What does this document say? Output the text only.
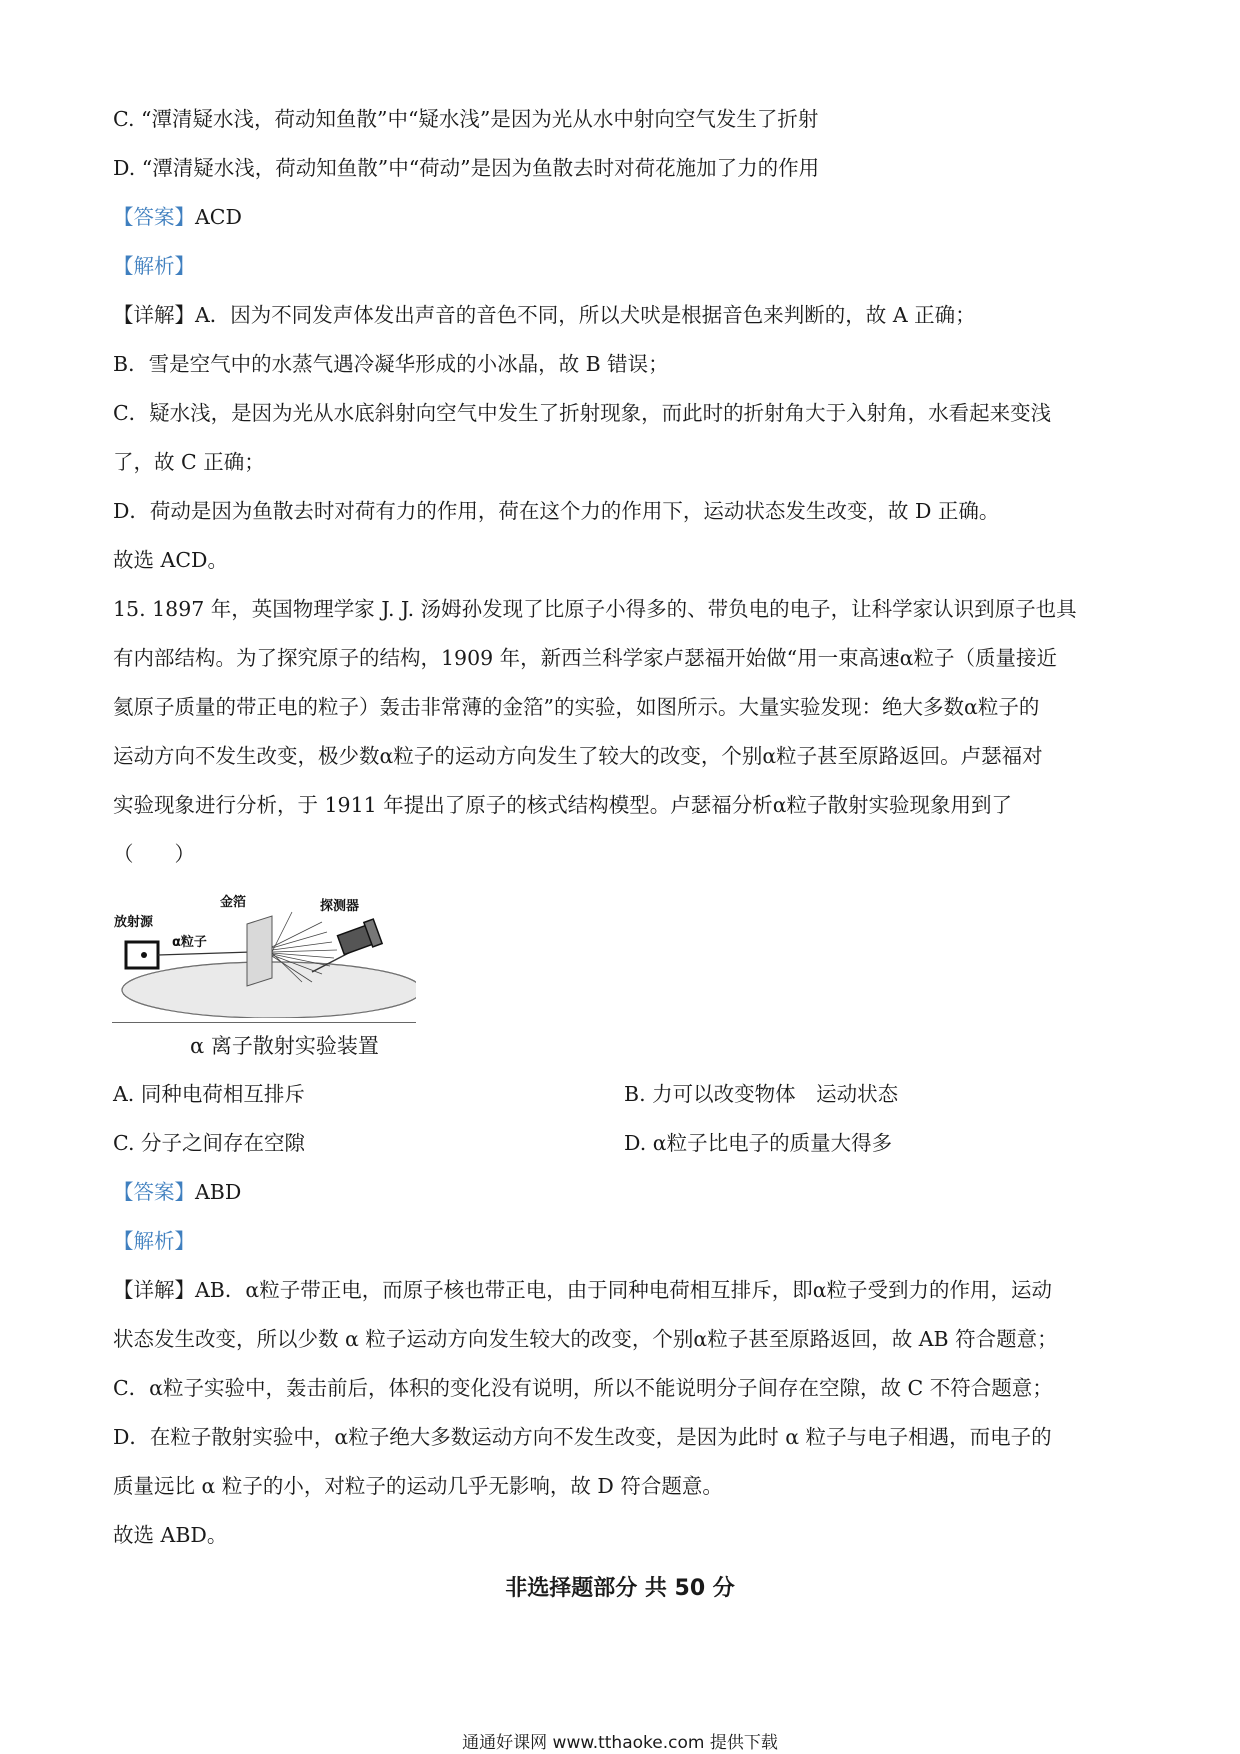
C. “潭清疑水浅，荷动知鱼散”中“疑水浅”是因为光从水中射向空气发生了折射
D. “潭清疑水浅，荷动知鱼散”中“荷动”是因为鱼散去时对荷花施加了力的作用
【答案】ACD
【解析】
【详解】A．因为不同发声体发出声音的音色不同，所以犬吠是根据音色来判断的，故 A 正确；
B．雪是空气中的水蒸气遇冷凝华形成的小冰晶，故 B 错误；
C．疑水浅，是因为光从水底斜射向空气中发生了折射现象，而此时的折射角大于入射角，水看起来变浅
了，故 C 正确；
D．荷动是因为鱼散去时对荷有力的作用，荷在这个力的作用下，运动状态发生改变，故 D 正确。
故选 ACD。
15. 1897 年，英国物理学家 J. J. 汤姆孙发现了比原子小得多的、带负电的电子，让科学家认识到原子也具
有内部结构。为了探究原子的结构，1909 年，新西兰科学家卢瑟福开始做“用一束高速α粒子（质量接近
氦原子质量的带正电的粒子）轰击非常薄的金箔”的实验，如图所示。大量实验发现：绝大多数α粒子的
运动方向不发生改变，极少数α粒子的运动方向发生了较大的改变，个别α粒子甚至原路返回。卢瑟福对
实验现象进行分析，于 1911 年提出了原子的核式结构模型。卢瑟福分析α粒子散射实验现象用到了
（　　）
放射源
金箔	探测器
α粒子
α 离子散射实验装置
A. 同种电荷相互排斥	B. 力可以改变物体　运动状态
C. 分子之间存在空隙	D. α粒子比电子的质量大得多
【答案】ABD
【解析】
【详解】AB．α粒子带正电，而原子核也带正电，由于同种电荷相互排斥，即α粒子受到力的作用，运动
状态发生改变，所以少数 α 粒子运动方向发生较大的改变，个别α粒子甚至原路返回，故 AB 符合题意；
C．α粒子实验中，轰击前后，体积的变化没有说明，所以不能说明分子间存在空隙，故 C 不符合题意；
D．在粒子散射实验中，α粒子绝大多数运动方向不发生改变，是因为此时 α 粒子与电子相遇，而电子的
质量远比 α 粒子的小，对粒子的运动几乎无影响，故 D 符合题意。
故选 ABD。
非选择题部分 共 50 分
通通好课网 www.tthaoke.com 提供下载
